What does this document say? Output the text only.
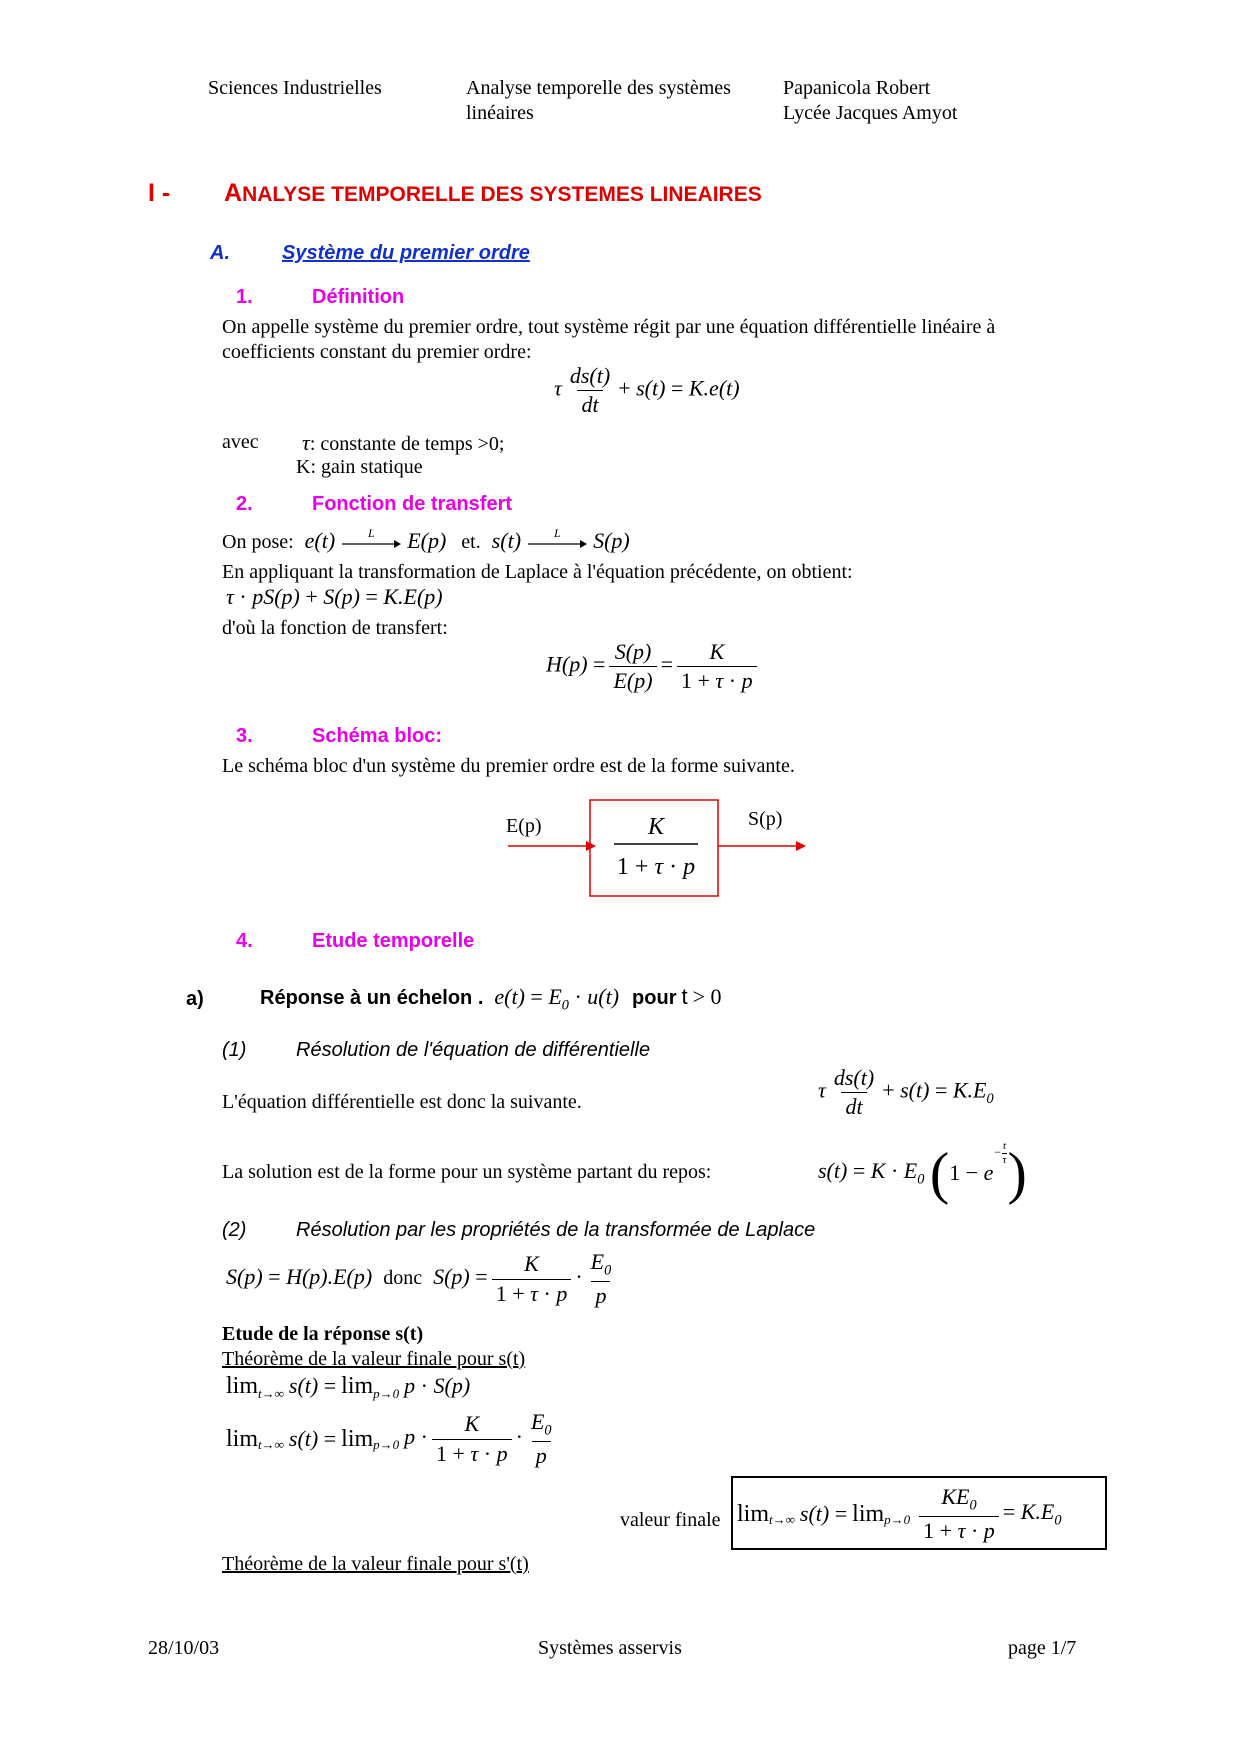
Sciences Industrielles	Analyse temporelle des systèmes
linéaires
Papanicola Robert
Lycée Jacques Amyot
I - ANALYSE TEMPORELLE DES SYSTEMES LINEAIRES
A.	Système du premier ordre
1.	Définition
On appelle système du premier ordre, tout système régit par une équation différentielle linéaire à
coefficients constant du premier ordre:
τ $\frac{ds(t)}{dt} + s(t) = K.e(t)$
avec τ: constante de temps >0;
K: gain statique
2.	Fonction de transfert
On pose: e(t)	L E(p) et. s(t)	L S(p)
En appliquant la transformation de Laplace à l'équation précédente, on obtient:
τ · pS(p) + S(p) = K.E(p)
d'où la fonction de transfert:
$H(p) = \frac{S(p)}{E(p)} = \frac{K}{1 + \tau \cdot p}$
3.	Schéma bloc:
Le schéma bloc d'un système du premier ordre est de la forme suivante.
E(p)	S(p)
K
1 + τ · p
4.	Etude temporelle
a)	Réponse à un échelon . $e(t) = E_0 \cdot u(t)$ pour t > 0
(1) Résolution de l'équation de différentielle
L'équation différentielle est donc la suivante.	τ $\frac{ds(t)}{dt} + s(t) = K.E_0$
La solution est de la forme pour un système partant du repos:	$s(t) = K \cdot E_0$ ($1 - e^{- \frac{t}{\tau}}$ )
(2) Résolution par les propriétés de la transformée de Laplace
S(p) = H(p).E(p) donc $S(p) = \frac{K}{1 + \tau \cdot p} \cdot \frac{E_0}{p}$
Etude de la réponse s(t)
Théorème de la valeur finale pour s(t)
$\lim_{t\to\infty} s(t) = \lim_{p\to 0} p \cdot S(p)$
$\lim_{t\to\infty} s(t) = \lim_{p\to 0} p \cdot \frac{K}{1 + \tau \cdot p} \cdot \frac{E_0}{p}$
valeur finale $\lim_{t\to\infty} s(t) = \lim_{p\to 0} \frac{KE_0}{1 + \tau \cdot p} = K.E_0$
Théorème de la valeur finale pour s'(t)
28/10/03	Systèmes asservis	page 1/7
